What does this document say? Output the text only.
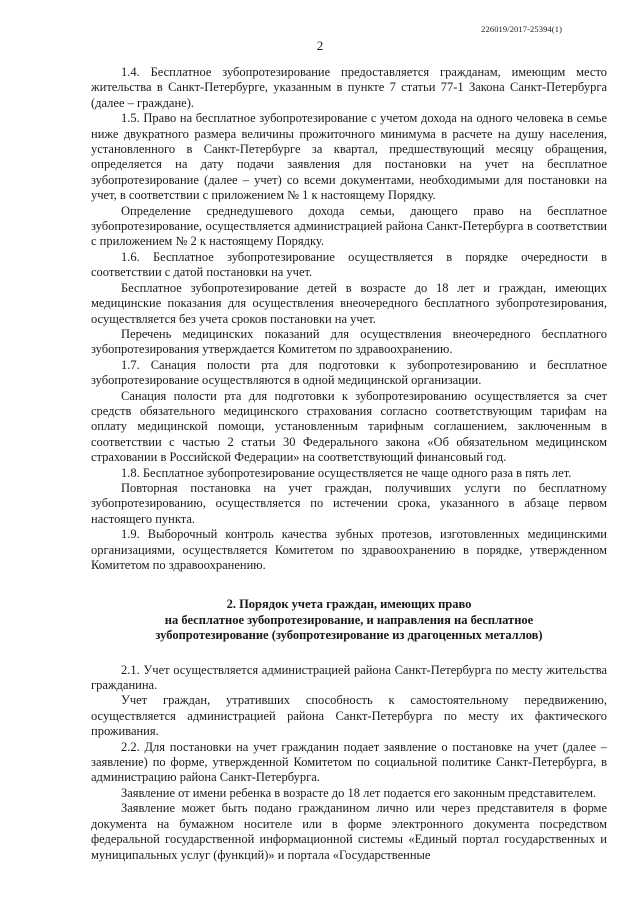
226019/2017-25394(1)
2

1.4. Бесплатное зубопротезирование предоставляется гражданам, имеющим место жительства в Санкт-Петербурге, указанным в пункте 7 статьи 77-1 Закона Санкт-Петербурга (далее – граждане).

1.5. Право на бесплатное зубопротезирование с учетом дохода на одного человека в семье ниже двукратного размера величины прожиточного минимума в расчете на душу населения, установленного в Санкт-Петербурге за квартал, предшествующий месяцу обращения, определяется на дату подачи заявления для постановки на учет на бесплатное зубопротезирование (далее – учет) со всеми документами, необходимыми для постановки на учет, в соответствии с приложением № 1 к настоящему Порядку.

Определение среднедушевого дохода семьи, дающего право на бесплатное зубопротезирование, осуществляется администрацией района Санкт-Петербурга в соответствии с приложением № 2 к настоящему Порядку.

1.6. Бесплатное зубопротезирование осуществляется в порядке очередности в соответствии с датой постановки на учет.

Бесплатное зубопротезирование детей в возрасте до 18 лет и граждан, имеющих медицинские показания для осуществления внеочередного бесплатного зубопротезирования, осуществляется без учета сроков постановки на учет.

Перечень медицинских показаний для осуществления внеочередного бесплатного зубопротезирования утверждается Комитетом по здравоохранению.

1.7. Санация полости рта для подготовки к зубопротезированию и бесплатное зубопротезирование осуществляются в одной медицинской организации.

Санация полости рта для подготовки к зубопротезированию осуществляется за счет средств обязательного медицинского страхования согласно соответствующим тарифам на оплату медицинской помощи, установленным тарифным соглашением, заключенным в соответствии с частью 2 статьи 30 Федерального закона «Об обязательном медицинском страховании в Российской Федерации» на соответствующий финансовый год.

1.8. Бесплатное зубопротезирование осуществляется не чаще одного раза в пять лет.

Повторная постановка на учет граждан, получивших услуги по бесплатному зубопротезированию, осуществляется по истечении срока, указанного в абзаце первом настоящего пункта.

1.9. Выборочный контроль качества зубных протезов, изготовленных медицинскими организациями, осуществляется Комитетом по здравоохранению в порядке, утвержденном Комитетом по здравоохранению.

2. Порядок учета граждан, имеющих право
на бесплатное зубопротезирование, и направления на бесплатное
зубопротезирование (зубопротезирование из драгоценных металлов)

2.1. Учет осуществляется администрацией района Санкт-Петербурга по месту жительства гражданина.

Учет граждан, утративших способность к самостоятельному передвижению, осуществляется администрацией района Санкт-Петербурга по месту их фактического проживания.

2.2. Для постановки на учет гражданин подает заявление о постановке на учет (далее – заявление) по форме, утвержденной Комитетом по социальной политике Санкт-Петербурга, в администрацию района Санкт-Петербурга.

Заявление от имени ребенка в возрасте до 18 лет подается его законным представителем.

Заявление может быть подано гражданином лично или через представителя в форме документа на бумажном носителе или в форме электронного документа посредством федеральной государственной информационной системы «Единый портал государственных и муниципальных услуг (функций)» и портала «Государственные
